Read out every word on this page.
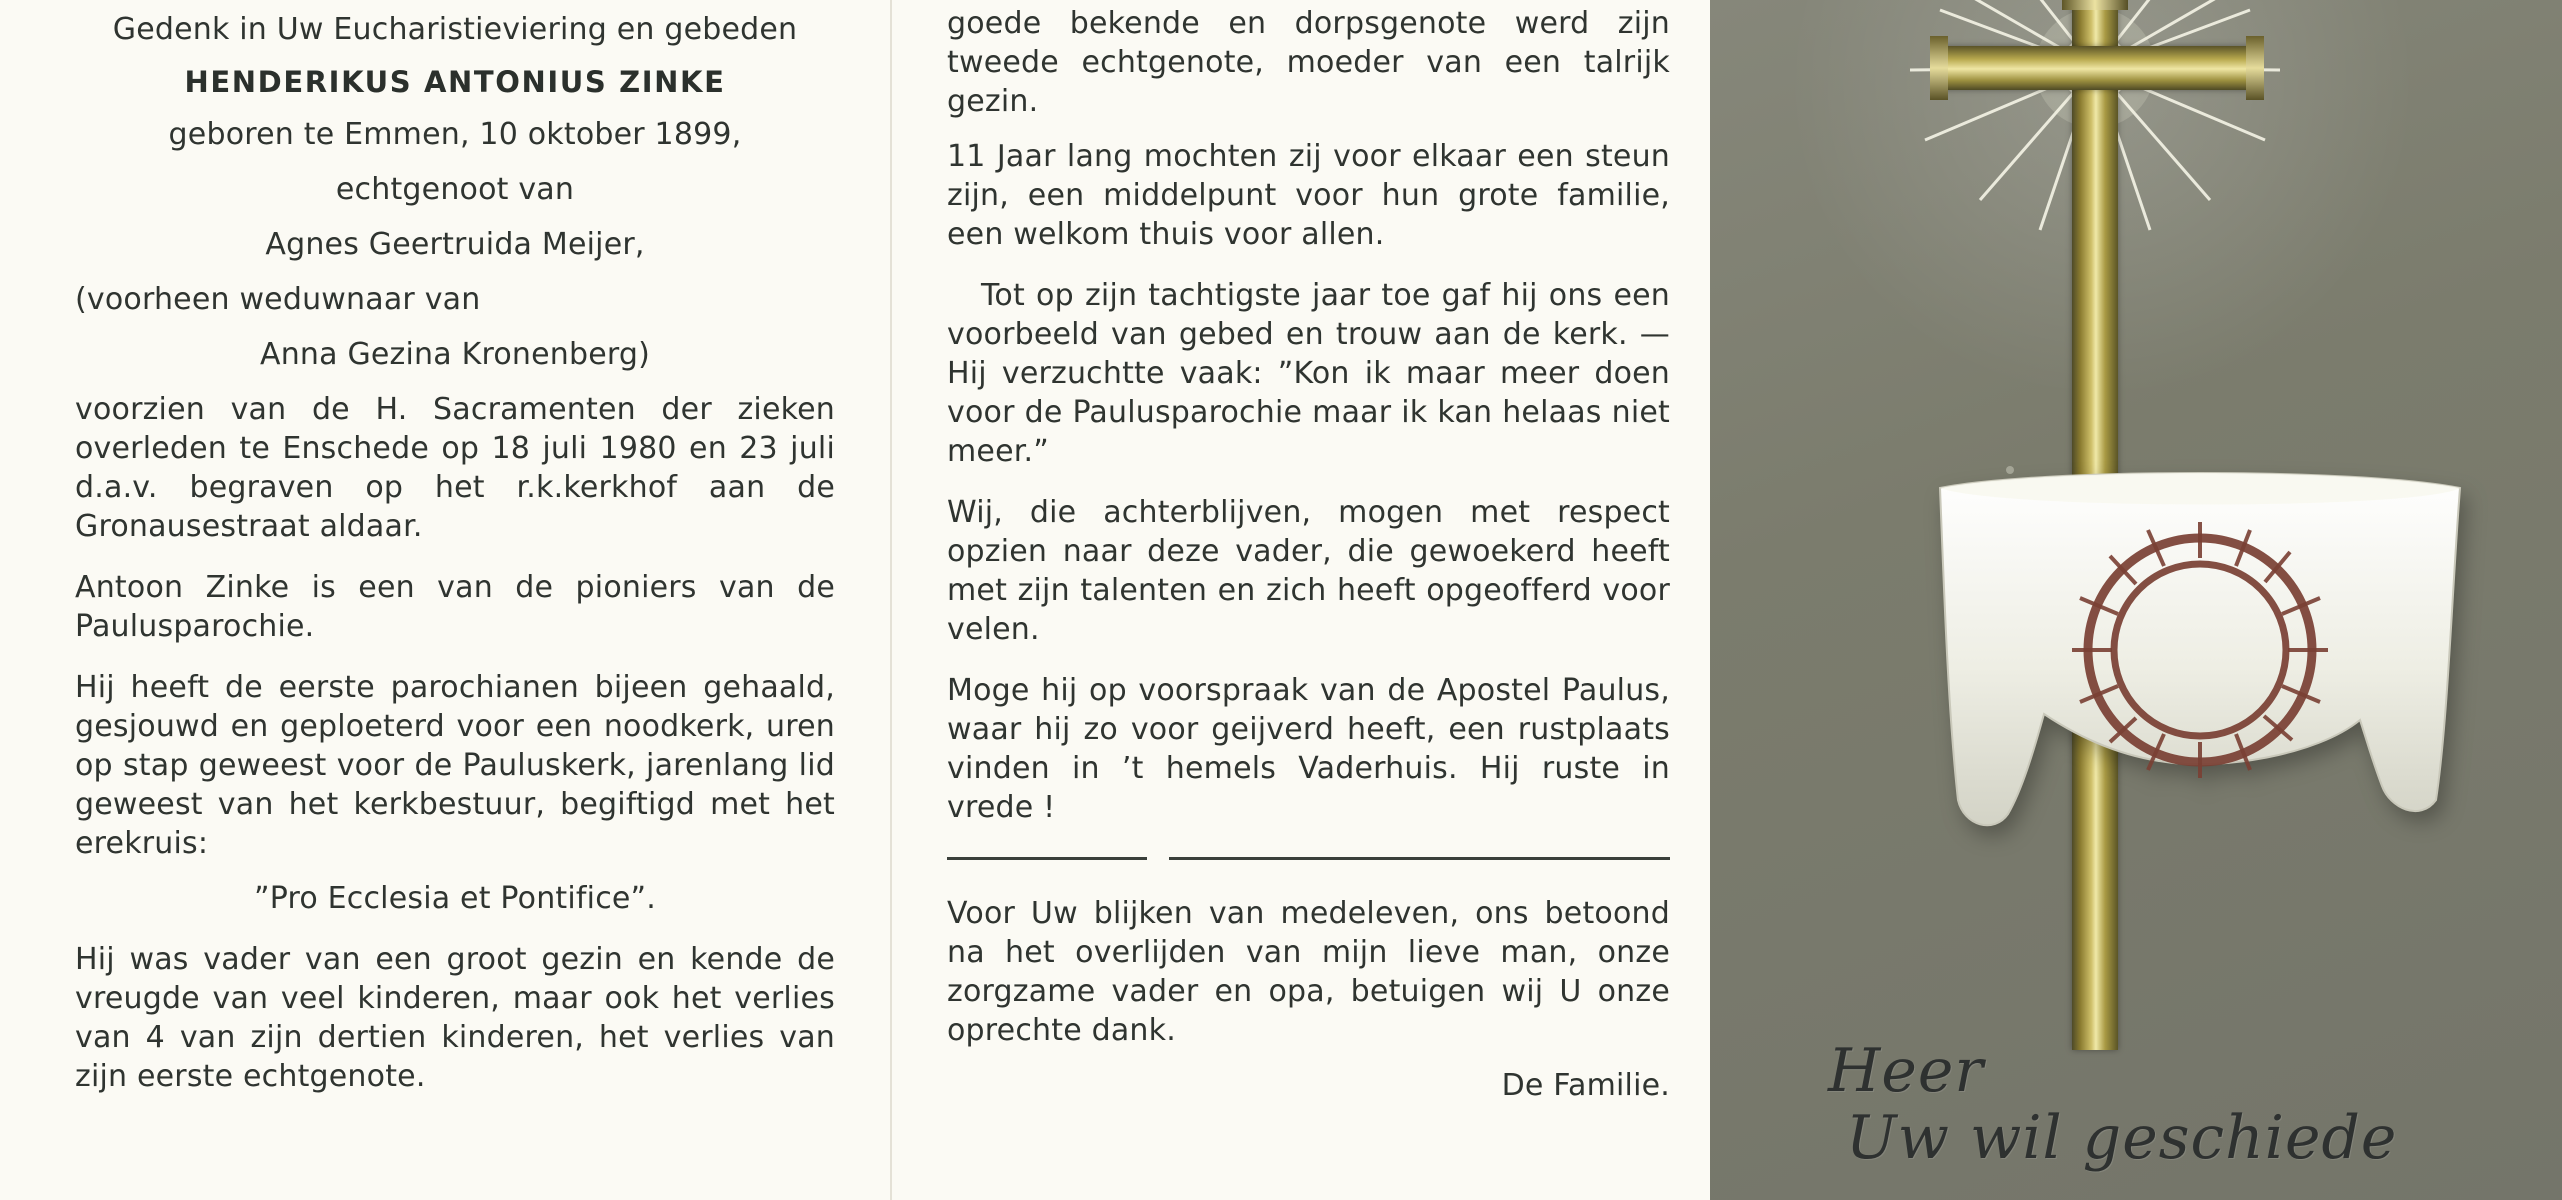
Gedenk in Uw Eucharistieviering en gebeden

HENDERIKUS ANTONIUS ZINKE

geboren te Emmen, 10 oktober 1899,

echtgenoot van

Agnes Geertruida Meijer,

(voorheen weduwnaar van

Anna Gezina Kronenberg)

voorzien van de H. Sacramenten der zieken overleden te Enschede op 18 juli 1980 en 23 juli d.a.v. begraven op het r.k.kerkhof aan de Gronausestraat aldaar.

Antoon Zinke is een van de pioniers van de Paulusparochie.

Hij heeft de eerste parochianen bijeen gehaald, gesjouwd en geploeterd voor een noodkerk, uren op stap geweest voor de Pauluskerk, jarenlang lid geweest van het kerkbestuur, begiftigd met het erekruis:

”Pro Ecclesia et Pontifice”.

Hij was vader van een groot gezin en kende de vreugde van veel kinderen, maar ook het verlies van 4 van zijn dertien kinderen, het verlies van zijn eerste echtgenote.

goede bekende en dorpsgenote werd zijn tweede echtgenote, moeder van een talrijk gezin.

11 Jaar lang mochten zij voor elkaar een steun zijn, een middelpunt voor hun grote familie, een welkom thuis voor allen.

Tot op zijn tachtigste jaar toe gaf hij ons een voorbeeld van gebed en trouw aan de kerk. — Hij verzuchtte vaak: ”Kon ik maar meer doen voor de Paulusparochie maar ik kan helaas niet meer.”

Wij, die achterblijven, mogen met respect opzien naar deze vader, die gewoekerd heeft met zijn talenten en zich heeft opgeofferd voor velen.

Moge hij op voorspraak van de Apostel Paulus, waar hij zo voor geijverd heeft, een rustplaats vinden in ’t hemels Vaderhuis. Hij ruste in vrede !

Voor Uw blijken van medeleven, ons betoond na het overlijden van mijn lieve man, onze zorgzame vader en opa, betuigen wij U onze oprechte dank.

De Familie.	Heer
Uw wil geschiede
